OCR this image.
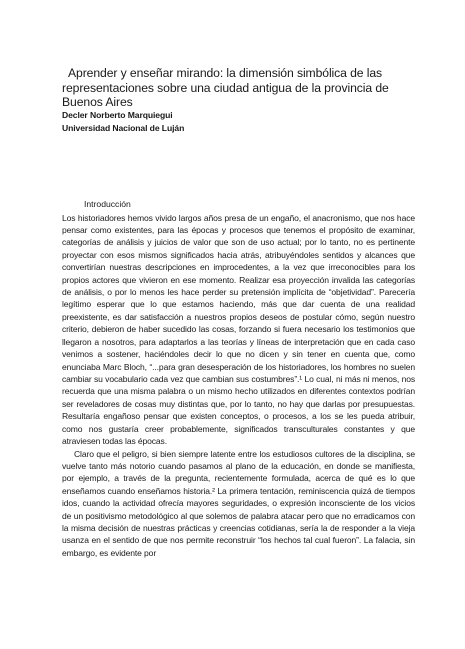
Aprender y enseñar mirando: la dimensión simbólica de las representaciones sobre una ciudad antigua de la provincia de Buenos Aires

Decler Norberto Marquiegui

Universidad Nacional de Luján

Introducción

Los historiadores hemos vivido largos años presa de un engaño, el anacronismo, que nos hace pensar como existentes, para las épocas y procesos que tenemos el propósito de examinar, categorías de análisis y juicios de valor que son de uso actual; por lo tanto, no es pertinente proyectar con esos mismos significados hacia atrás, atribuyéndoles sentidos y alcances que convertirían nuestras descripciones en improcedentes, a la vez que irreconocibles para los propios actores que vivieron en ese momento. Realizar esa proyección invalida las categorías de análisis, o por lo menos les hace perder su pretensión implícita de “objetividad”. Parecería legítimo esperar que lo que estamos haciendo, más que dar cuenta de una realidad preexistente, es dar satisfacción a nuestros propios deseos de postular cómo, según nuestro criterio, debieron de haber sucedido las cosas, forzando si fuera necesario los testimonios que llegaron a nosotros, para adaptarlos a las teorías y líneas de interpretación que en cada caso venimos a sostener, haciéndoles decir lo que no dicen y sin tener en cuenta que, como enunciaba Marc Bloch, “...para gran desesperación de los historiadores, los hombres no suelen cambiar su vocabulario cada vez que cambian sus costumbres”.¹ Lo cual, ni más ni menos, nos recuerda que una misma palabra o un mismo hecho utilizados en diferentes contextos podrían ser reveladores de cosas muy distintas que, por lo tanto, no hay que darlas por presupuestas. Resultaría engañoso pensar que existen conceptos, o procesos, a los se les pueda atribuir, como nos gustaría creer probablemente, significados transculturales constantes y que atraviesen todas las épocas.

Claro que el peligro, si bien siempre latente entre los estudiosos cultores de la disciplina, se vuelve tanto más notorio cuando pasamos al plano de la educación, en donde se manifiesta, por ejemplo, a través de la pregunta, recientemente formulada, acerca de qué es lo que enseñamos cuando enseñamos historia.² La primera tentación, reminiscencia quizá de tiempos idos, cuando la actividad ofrecía mayores seguridades, o expresión inconsciente de los vicios de un positivismo metodológico al que solemos de palabra atacar pero que no erradicamos con la misma decisión de nuestras prácticas y creencias cotidianas, sería la de responder a la vieja usanza en el sentido de que nos permite reconstruir “los hechos tal cual fueron”. La falacia, sin embargo, es evidente por
